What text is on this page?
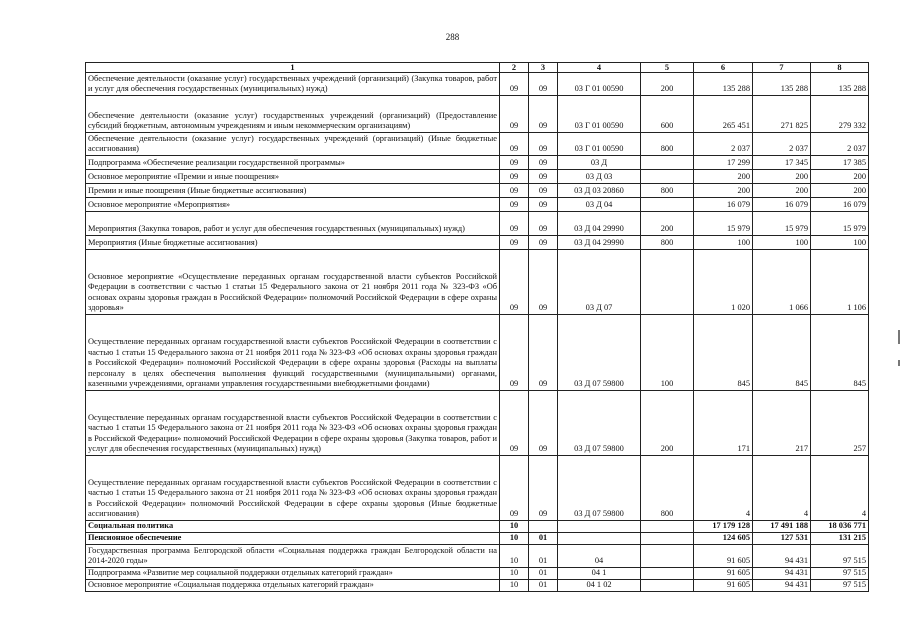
288
1	2	3	4	5	6	7	8
Обеспечение деятельности (оказание услуг) государственных учреждений (организаций) (Закупка товаров, работ и услуг для обеспечения государственных (муниципальных) нужд)	09	09	03 Г 01 00590	200	135 288	135 288	135 288
Обеспечение деятельности (оказание услуг) государственных учреждений (организаций) (Предоставление субсидий бюджетным, автономным учреждениям и иным некоммерческим организациям)	09	09	03 Г 01 00590	600	265 451	271 825	279 332
Обеспечение деятельности (оказание услуг) государственных учреждений (организаций) (Иные бюджетные ассигнования)	09	09	03 Г 01 00590	800	2 037	2 037	2 037
Подпрограмма «Обеспечение реализации государственной программы»	09	09	03 Д		17 299	17 345	17 385
Основное мероприятие «Премии и иные поощрения»	09	09	03 Д 03		200	200	200
Премии и иные поощрения (Иные бюджетные ассигнования)	09	09	03 Д 03 20860	800	200	200	200
Основное мероприятие «Мероприятия»	09	09	03 Д 04		16 079	16 079	16 079
Мероприятия (Закупка товаров, работ и услуг для обеспечения государственных (муниципальных) нужд)	09	09	03 Д 04 29990	200	15 979	15 979	15 979
Мероприятия (Иные бюджетные ассигнования)	09	09	03 Д 04 29990	800	100	100	100
Основное мероприятие «Осуществление переданных органам государственной власти субъектов Российской Федерации в соответствии с частью 1 статьи 15 Федерального закона от 21 ноября 2011 года № 323-ФЗ «Об основах охраны здоровья граждан в Российской Федерации» полномочий Российской Федерации в сфере охраны здоровья»	09	09	03 Д 07		1 020	1 066	1 106
Осуществление переданных органам государственной власти субъектов Российской Федерации в соответствии с частью 1 статьи 15 Федерального закона от 21 ноября 2011 года № 323-ФЗ «Об основах охраны здоровья граждан в Российской Федерации» полномочий Российской Федерации в сфере охраны здоровья (Расходы на выплаты персоналу в целях обеспечения выполнения функций государственными (муниципальными) органами, казенными учреждениями, органами управления государственными внебюджетными фондами)	09	09	03 Д 07 59800	100	845	845	845
Осуществление переданных органам государственной власти субъектов Российской Федерации в соответствии с частью 1 статьи 15 Федерального закона от 21 ноября 2011 года № 323-ФЗ «Об основах охраны здоровья граждан в Российской Федерации» полномочий Российской Федерации в сфере охраны здоровья (Закупка товаров, работ и услуг для обеспечения государственных (муниципальных) нужд)	09	09	03 Д 07 59800	200	171	217	257
Осуществление переданных органам государственной власти субъектов Российской Федерации в соответствии с частью 1 статьи 15 Федерального закона от 21 ноября 2011 года № 323-ФЗ «Об основах охраны здоровья граждан в Российской Федерации» полномочий Российской Федерации в сфере охраны здоровья (Иные бюджетные ассигнования)	09	09	03 Д 07 59800	800	4	4	4
Социальная политика	10				17 179 128	17 491 188	18 036 771
Пенсионное обеспечение	10	01			124 605	127 531	131 215
Государственная программа Белгородской области «Социальная поддержка граждан Белгородской области на 2014-2020 годы»	10	01	04		91 605	94 431	97 515
Подпрограмма «Развитие мер социальной поддержки отдельных категорий граждан»	10	01	04 1		91 605	94 431	97 515
Основное мероприятие «Социальная поддержка отдельных категорий граждан»	10	01	04 1 02		91 605	94 431	97 515
